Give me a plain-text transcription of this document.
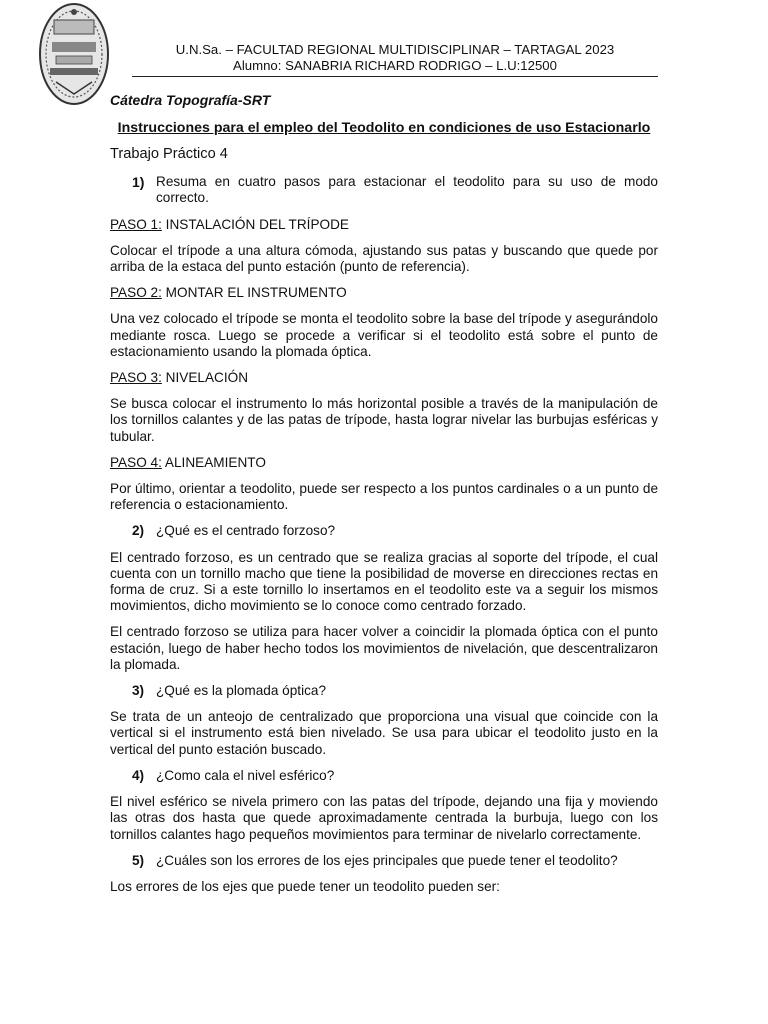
U.N.Sa. – FACULTAD REGIONAL MULTIDISCIPLINAR – TARTAGAL 2023
Alumno: SANABRIA RICHARD RODRIGO – L.U:12500
Cátedra Topografía-SRT
Instrucciones para el empleo del Teodolito en condiciones de uso Estacionarlo
Trabajo Práctico 4
1) Resuma en cuatro pasos para estacionar el teodolito para su uso de modo correcto.
PASO 1: INSTALACIÓN DEL TRÍPODE

Colocar el trípode a una altura cómoda, ajustando sus patas y buscando que quede por arriba de la estaca del punto estación (punto de referencia).

PASO 2: MONTAR EL INSTRUMENTO

Una vez colocado el trípode se monta el teodolito sobre la base del trípode y asegurándolo mediante rosca. Luego se procede a verificar si el teodolito está sobre el punto de estacionamiento usando la plomada óptica.

PASO 3: NIVELACIÓN

Se busca colocar el instrumento lo más horizontal posible a través de la manipulación de los tornillos calantes y de las patas de trípode, hasta lograr nivelar las burbujas esféricas y tubular.

PASO 4: ALINEAMIENTO

Por último, orientar a teodolito, puede ser respecto a los puntos cardinales o a un punto de referencia o estacionamiento.

2) ¿Qué es el centrado forzoso?

El centrado forzoso, es un centrado que se realiza gracias al soporte del trípode, el cual cuenta con un tornillo macho que tiene la posibilidad de moverse en direcciones rectas en forma de cruz. Si a este tornillo lo insertamos en el teodolito este va a seguir los mismos movimientos, dicho movimiento se lo conoce como centrado forzado.

El centrado forzoso se utiliza para hacer volver a coincidir la plomada óptica con el punto estación, luego de haber hecho todos los movimientos de nivelación, que descentralizaron la plomada.

3) ¿Qué es la plomada óptica?

Se trata de un anteojo de centralizado que proporciona una visual que coincide con la vertical si el instrumento está bien nivelado. Se usa para ubicar el teodolito justo en la vertical del punto estación buscado.

4) ¿Como cala el nivel esférico?

El nivel esférico se nivela primero con las patas del trípode, dejando una fija y moviendo las otras dos hasta que quede aproximadamente centrada la burbuja, luego con los tornillos calantes hago pequeños movimientos para terminar de nivelarlo correctamente.

5) ¿Cuáles son los errores de los ejes principales que puede tener el teodolito?

Los errores de los ejes que puede tener un teodolito pueden ser:
